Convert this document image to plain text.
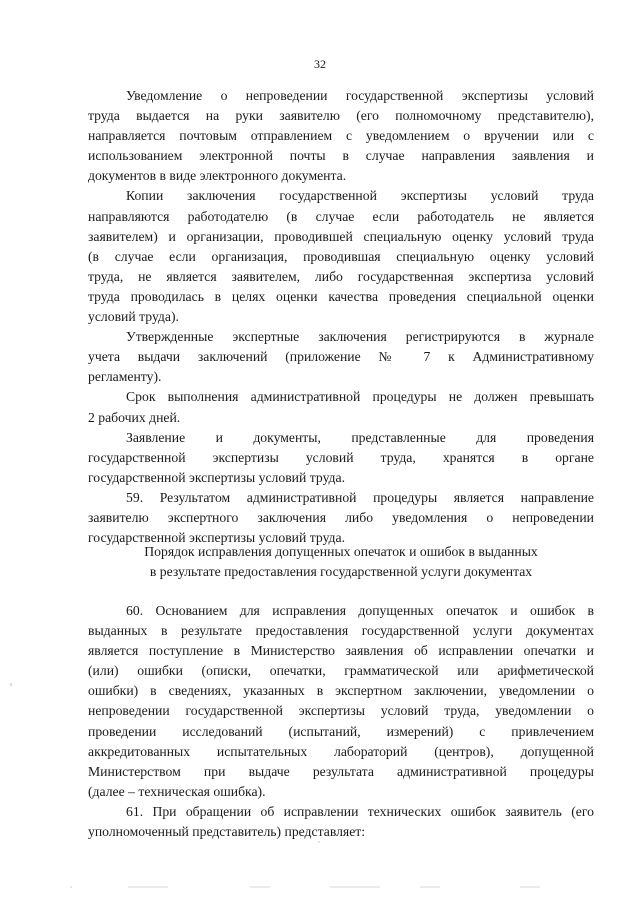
32
Уведомление о непроведении государственной экспертизы условий
труда выдается на руки заявителю (его полномочному представителю),
направляется почтовым отправлением с уведомлением о вручении или с
использованием электронной почты в случае направления заявления и
документов в виде электронного документа.
Копии заключения государственной экспертизы условий труда
направляются работодателю (в случае если работодатель не является
заявителем) и организации, проводившей специальную оценку условий труда
(в случае если организация, проводившая специальную оценку условий
труда, не является заявителем, либо государственная экспертиза условий
труда проводилась в целях оценки качества проведения специальной оценки
условий труда).
Утвержденные экспертные заключения регистрируются в журнале
учета выдачи заключений (приложение № 7 к Административному
регламенту).
Срок выполнения административной процедуры не должен превышать
2 рабочих дней.
Заявление и документы, представленные для проведения
государственной экспертизы условий труда, хранятся в органе
государственной экспертизы условий труда.
59. Результатом административной процедуры является направление
заявителю экспертного заключения либо уведомления о непроведении
государственной экспертизы условий труда.
Порядок исправления допущенных опечаток и ошибок в выданных
в результате предоставления государственной услуги документах
60. Основанием для исправления допущенных опечаток и ошибок в
выданных в результате предоставления государственной услуги документах
является поступление в Министерство заявления об исправлении опечатки и
(или) ошибки (описки, опечатки, грамматической или арифметической
ошибки) в сведениях, указанных в экспертном заключении, уведомлении о
непроведении государственной экспертизы условий труда, уведомлении о
проведении исследований (испытаний, измерений) с привлечением
аккредитованных испытательных лабораторий (центров), допущенной
Министерством при выдаче результата административной процедуры
(далее – техническая ошибка).
61. При обращении об исправлении технических ошибок заявитель (его
уполномоченный представитель) представляет:
